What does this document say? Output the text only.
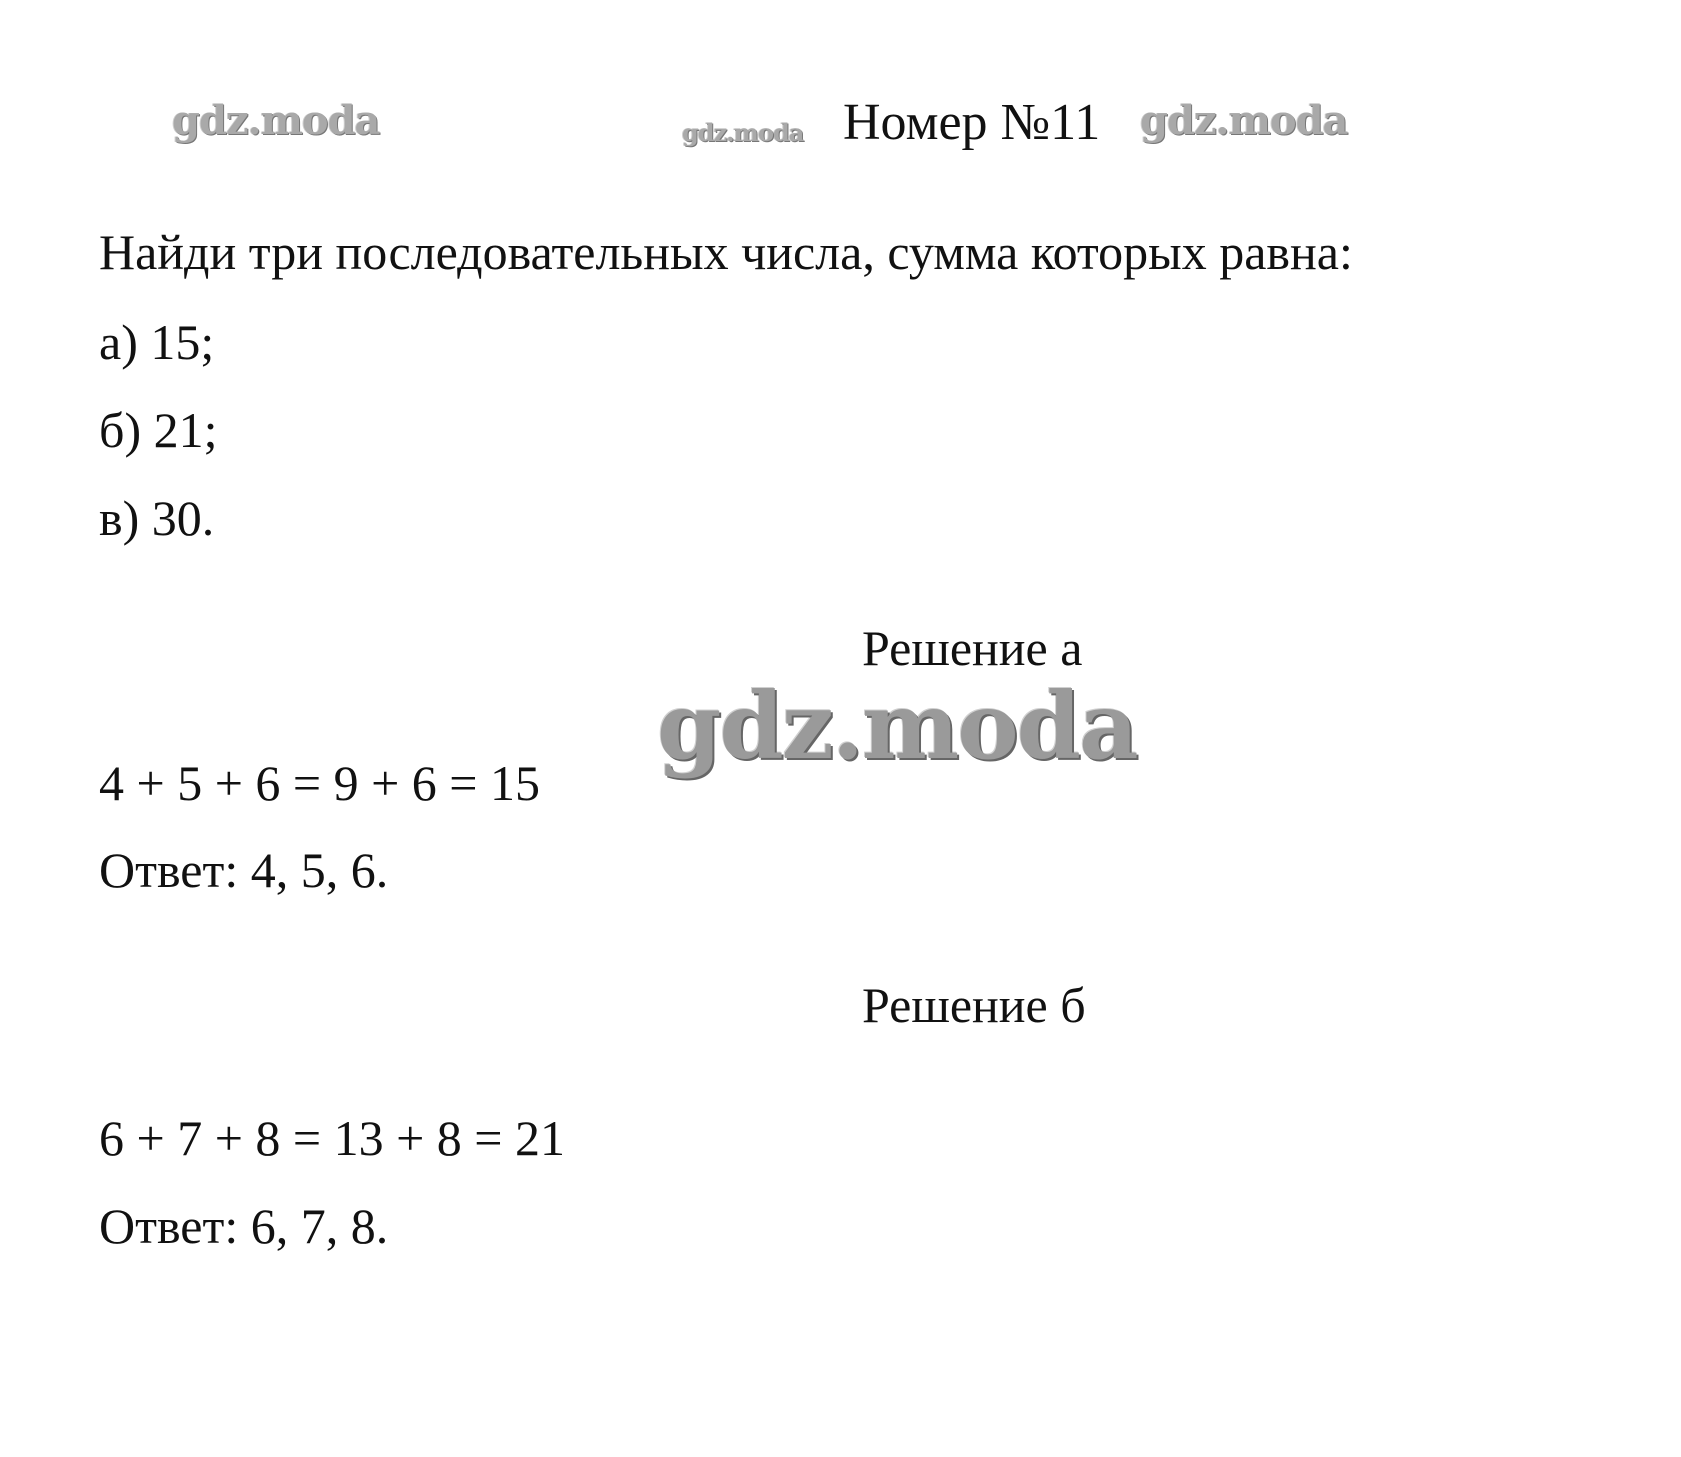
gdz.moda	gdz.moda Номер №11 gdz.moda
Найди три последовательных числа, сумма которых равна:
а) 15;
б) 21;
в) 30.
Решение а
gdz.moda
4 + 5 + 6 = 9 + 6 = 15
Ответ: 4, 5, 6.
Решение б
6 + 7 + 8 = 13 + 8 = 21
Ответ: 6, 7, 8.
